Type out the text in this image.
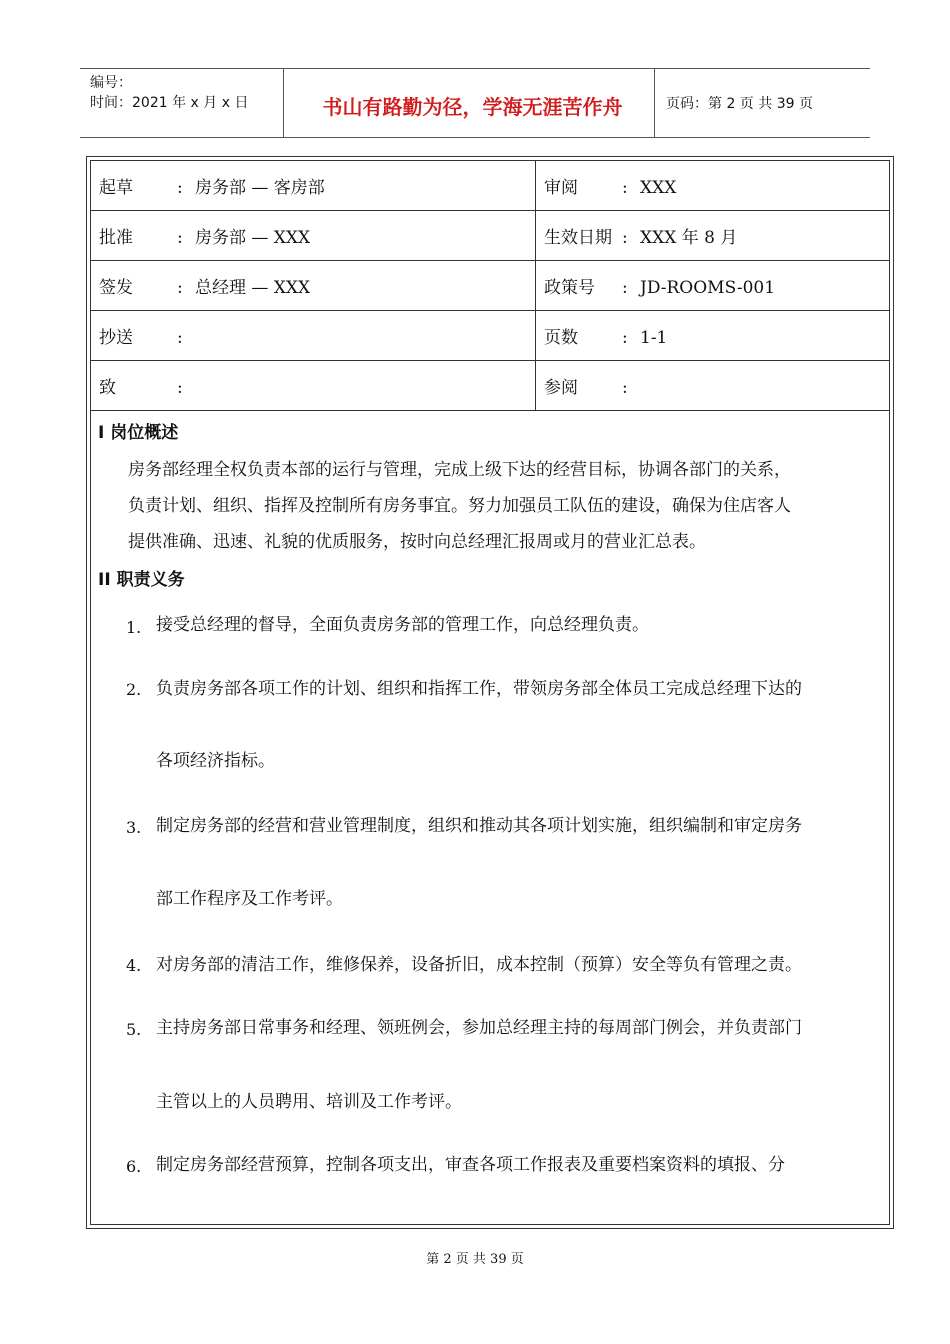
编号：
时间：2021 年 x 月 x 日	书山有路勤为径，学海无涯苦作舟	页码：第 2 页 共 39 页
起草 : 房务部 — 客房部	审阅 : XXX
批准 : 房务部 — XXX	生效日期 : XXX 年 8 月
签发 : 总经理 — XXX	政策号 : JD-ROOMS-001
抄送 :	页数 : 1-1
致 :	参阅 :
I 岗位概述

房务部经理全权负责本部的运行与管理，完成上级下达的经营目标，协调各部门的关系，

负责计划、组织、指挥及控制所有房务事宜。努力加强员工队伍的建设，确保为住店客人

提供准确、迅速、礼貌的优质服务，按时向总经理汇报周或月的营业汇总表。

II 职责义务
1. 接受总经理的督导，全面负责房务部的管理工作，向总经理负责。
2. 负责房务部各项工作的计划、组织和指挥工作，带领房务部全体员工完成总经理下达的
各项经济指标。
3. 制定房务部的经营和营业管理制度，组织和推动其各项计划实施，组织编制和审定房务
部工作程序及工作考评。
4. 对房务部的清洁工作，维修保养，设备折旧，成本控制（预算）安全等负有管理之责。
5. 主持房务部日常事务和经理、领班例会，参加总经理主持的每周部门例会，并负责部门
主管以上的人员聘用、培训及工作考评。
6. 制定房务部经营预算，控制各项支出，审查各项工作报表及重要档案资料的填报、分
第 2 页 共 39 页
